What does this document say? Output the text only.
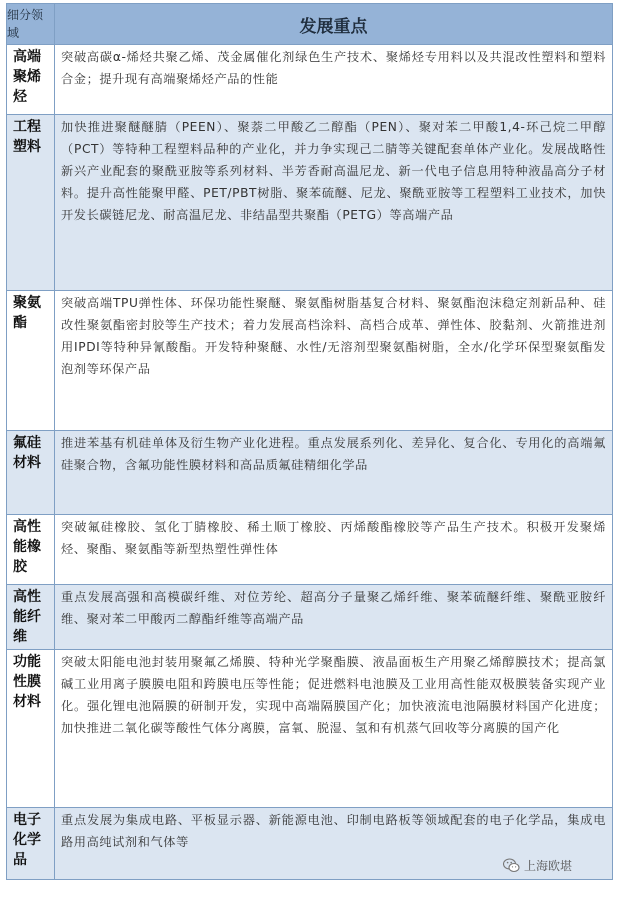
细分领域	发展重点
高端聚烯烃	突破高碳α-烯烃共聚乙烯、茂金属催化剂绿色生产技术、聚烯烃专用料以及共混改性塑料和塑料合金；提升现有高端聚烯烃产品的性能
工程塑料	加快推进聚醚醚腈（PEEN）、聚萘二甲酸乙二醇酯（PEN）、聚对苯二甲酸1,4-环己烷二甲醇（PCT）等特种工程塑料品种的产业化，并力争实现己二腈等关键配套单体产业化。发展战略性新兴产业配套的聚酰亚胺等系列材料、半芳香耐高温尼龙、新一代电子信息用特种液晶高分子材料。提升高性能聚甲醛、PET/PBT树脂、聚苯硫醚、尼龙、聚酰亚胺等工程塑料工业技术，加快开发长碳链尼龙、耐高温尼龙、非结晶型共聚酯（PETG）等高端产品
聚氨酯	突破高端TPU弹性体、环保功能性聚醚、聚氨酯树脂基复合材料、聚氨酯泡沫稳定剂新品种、硅改性聚氨酯密封胶等生产技术；着力发展高档涂料、高档合成革、弹性体、胶黏剂、火箭推进剂用IPDI等特种异氰酸酯。开发特种聚醚、水性/无溶剂型聚氨酯树脂，全水/化学环保型聚氨酯发泡剂等环保产品
氟硅材料	推进苯基有机硅单体及衍生物产业化进程。重点发展系列化、差异化、复合化、专用化的高端氟硅聚合物，含氟功能性膜材料和高品质氟硅精细化学品
高性能橡胶	突破氟硅橡胶、氢化丁腈橡胶、稀土顺丁橡胶、丙烯酸酯橡胶等产品生产技术。积极开发聚烯烃、聚酯、聚氨酯等新型热塑性弹性体
高性能纤维	重点发展高强和高模碳纤维、对位芳纶、超高分子量聚乙烯纤维、聚苯硫醚纤维、聚酰亚胺纤维、聚对苯二甲酸丙二醇酯纤维等高端产品
功能性膜材料	突破太阳能电池封装用聚氟乙烯膜、特种光学聚酯膜、液晶面板生产用聚乙烯醇膜技术；提高氯碱工业用离子膜膜电阻和跨膜电压等性能；促进燃料电池膜及工业用高性能双极膜装备实现产业化。强化锂电池隔膜的研制开发，实现中高端隔膜国产化；加快液流电池隔膜材料国产化进度；加快推进二氧化碳等酸性气体分离膜，富氧、脱湿、氢和有机蒸气回收等分离膜的国产化
电子化学品	重点发展为集成电路、平板显示器、新能源电池、印制电路板等领域配套的电子化学品，集成电路用高纯试剂和气体等
上海欧堪
